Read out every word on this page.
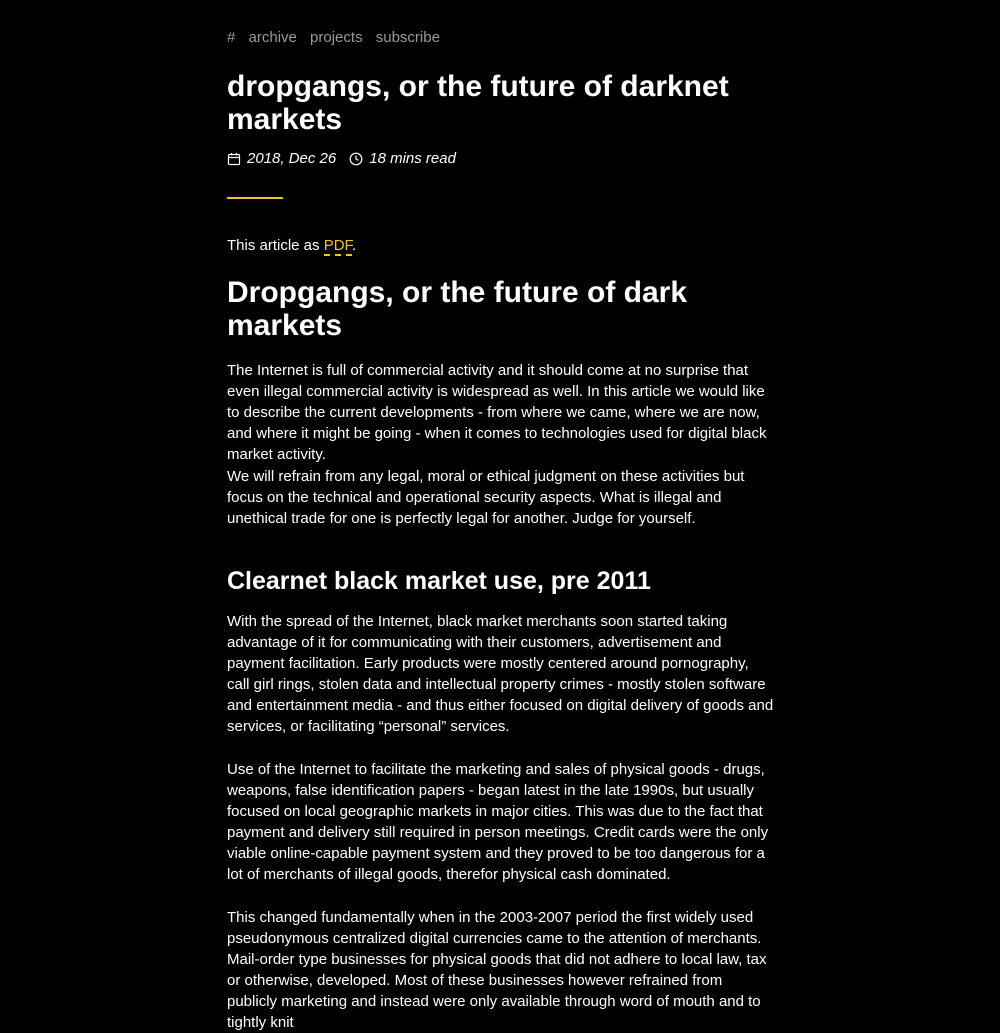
# archive projects subscribe
dropgangs, or the future of darknet markets
2018, Dec 26 18 mins read

This article as PDF.

Dropgangs, or the future of dark markets

The Internet is full of commercial activity and it should come at no surprise that even illegal commercial activity is widespread as well. In this article we would like to describe the current developments - from where we came, where we are now, and where it might be going - when it comes to technologies used for digital black market activity.

We will refrain from any legal, moral or ethical judgment on these activities but focus on the technical and operational security aspects. What is illegal and unethical trade for one is perfectly legal for another. Judge for yourself.

Clearnet black market use, pre 2011

With the spread of the Internet, black market merchants soon started taking advantage of it for communicating with their customers, advertisement and payment facilitation. Early products were mostly centered around pornography, call girl rings, stolen data and intellectual property crimes - mostly stolen software and entertainment media - and thus either focused on digital delivery of goods and services, or facilitating “personal” services.

Use of the Internet to facilitate the marketing and sales of physical goods - drugs, weapons, false identification papers - began latest in the late 1990s, but usually focused on local geographic markets in major cities. This was due to the fact that payment and delivery still required in person meetings. Credit cards were the only viable online-capable payment system and they proved to be too dangerous for a lot of merchants of illegal goods, therefor physical cash dominated.

This changed fundamentally when in the 2003-2007 period the first widely used pseudonymous centralized digital currencies came to the attention of merchants. Mail-order type businesses for physical goods that did not adhere to local law, tax or otherwise, developed. Most of these businesses however refrained from publicly marketing and instead were only available through word of mouth and to tightly knit
